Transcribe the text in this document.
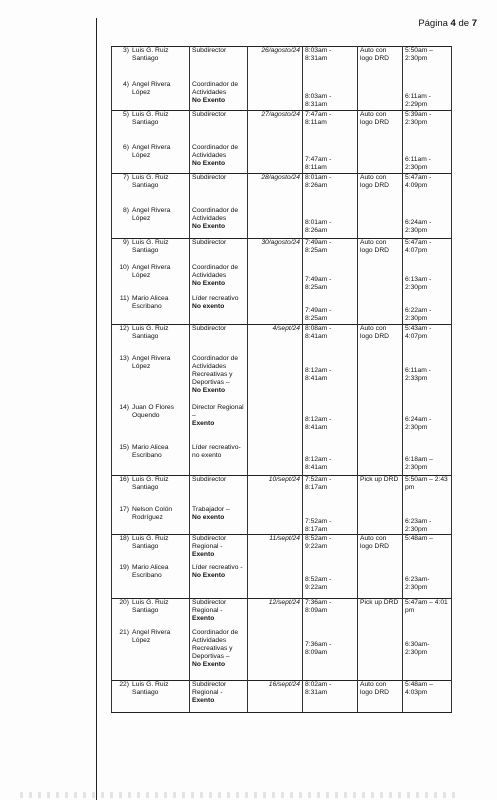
Página 4 de 7
3) Luis G. Ruiz Santiago	Subdirector	26/agosto/24	8:03am - 8:31am	Auto con logo DRD	5:50am – 2:30pm

4) Ángel Rivera López	Coordinador de Actividades
No Exento		8:03am - 8:31am		6:11am - 2:29pm

5) Luis G. Ruiz Santiago	Subdirector	27/agosto/24	7:47am - 8:11am	Auto con logo DRD	5:39am - 2:30pm

6) Ángel Rivera López	Coordinador de Actividades
No Exento		7:47am - 8:11am		6:11am - 2:30pm

7) Luis G. Ruiz Santiago	Subdirector	28/agosto/24	8:01am - 8:26am	Auto con logo DRD	5:47am - 4:09pm

8) Ángel Rivera López	Coordinador de Actividades
No Exento		8:01am - 8:26am		6:24am - 2:30pm

9) Luis G. Ruiz Santiago	Subdirector	30/agosto/24	7:49am - 8:25am	Auto con logo DRD	5:47am - 4:07pm

10) Ángel Rivera López	Coordinador de Actividades
No Exento		7:49am - 8:25am		6:13am - 2:30pm

11) Mario Alicea Escribano	Líder recreativo
No exento		7:49am - 8:25am		6:22am - 2:30pm

12) Luis G. Ruiz Santiago	Subdirector	4/sept/24	8:08am - 8:41am	Auto con logo DRD	5:43am - 4:07pm

13) Ángel Rivera López	Coordinador de Actividades Recreativas y Deportivas –
No Exento		8:12am - 8:41am		6:11am - 2:33pm

14) Juan O Flores Oquendo	Director Regional –
Exento		8:12am - 8:41am		6:24am - 2:30pm

15) Mario Alicea Escribano	Líder recreativo-no exento		8:12am - 8:41am		6:18am – 2:30pm

16) Luis G. Ruiz Santiago	Subdirector	10/sept/24	7:52am - 8:17am	Pick up DRD	5:50am – 2:43 pm

17) Nelson Colón Rodríguez	Trabajador –
No exento		7:52am - 8:17am		6:23am - 2:30pm

18) Luis G. Ruiz Santiago	Subdirector Regional -
Exento	11/sept/24	8:52am - 9:22am	Auto con logo DRD	5:48am –

19) Mario Alicea Escribano	Líder recreativo -
No Exento		8:52am - 9:22am		6:23am- 2:30pm

20) Luis G. Ruiz Santiago	Subdirector Regional -
Exento	12/sept/24	7:36am - 8:09am	Pick up DRD	5:47am – 4:01 pm

21) Ángel Rivera López	Coordinador de Actividades Recreativas y Deportivas –
No Exento		7:36am - 8:09am		6:30am- 2:30pm

22) Luis G. Ruiz Santiago	Subdirector Regional -
Exento	16/sept/24	8:02am - 8:31am	Auto con logo DRD	5:48am – 4:03pm
